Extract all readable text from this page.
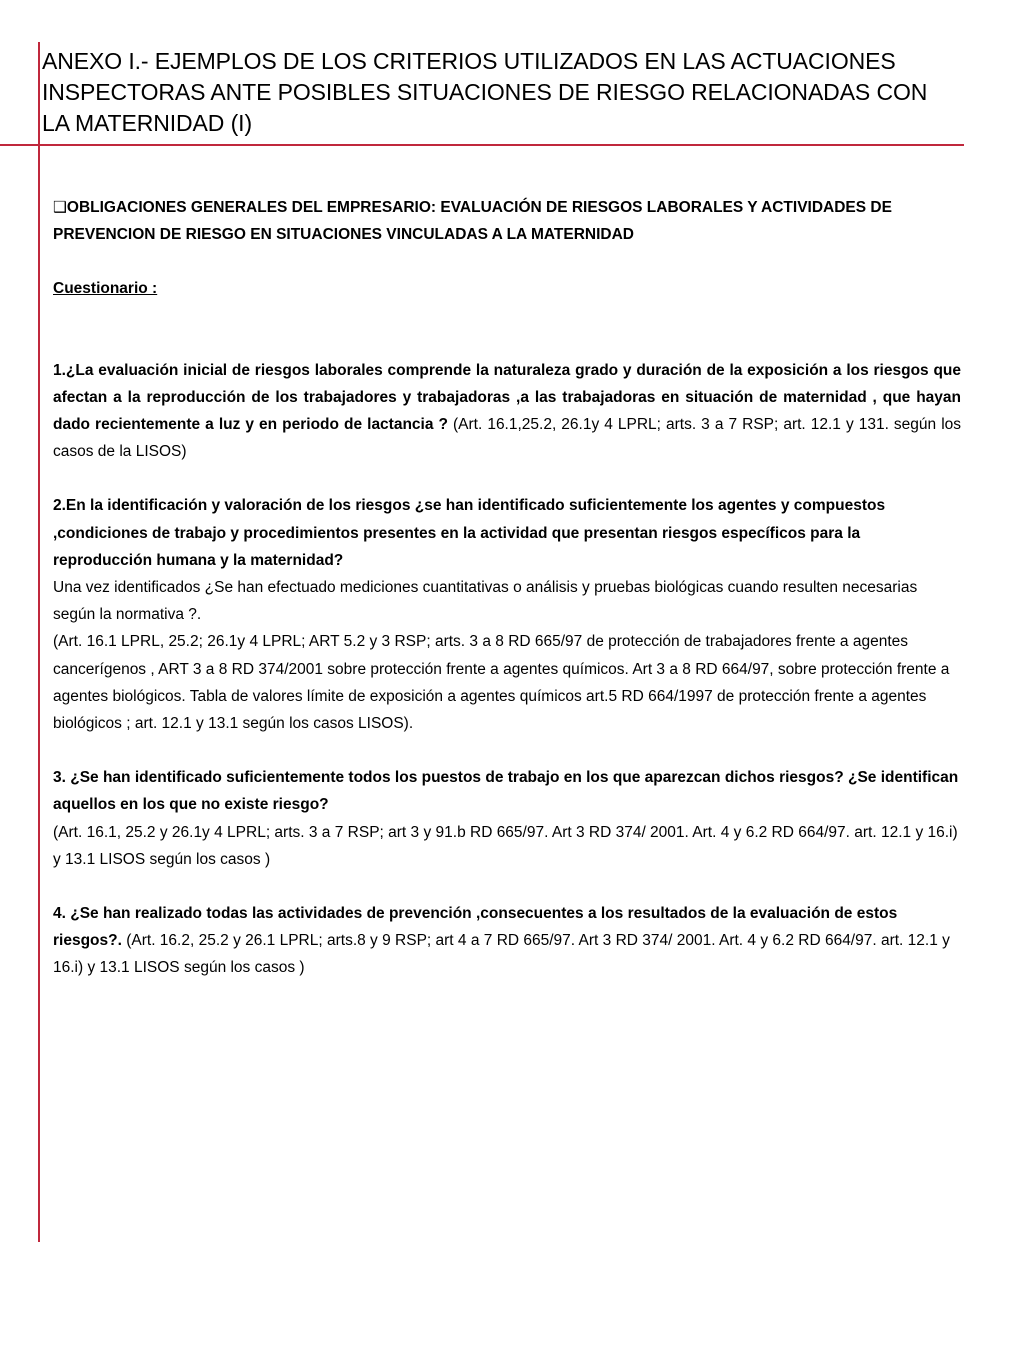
ANEXO I.- EJEMPLOS DE LOS CRITERIOS UTILIZADOS EN LAS ACTUACIONES INSPECTORAS ANTE POSIBLES SITUACIONES DE RIESGO RELACIONADAS CON LA MATERNIDAD (I)

❑OBLIGACIONES GENERALES DEL EMPRESARIO: EVALUACIÓN DE RIESGOS LABORALES Y ACTIVIDADES DE PREVENCION DE RIESGO EN SITUACIONES VINCULADAS A LA MATERNIDAD

Cuestionario :

1.¿La evaluación inicial de riesgos laborales comprende la naturaleza grado y duración de la exposición a los riesgos que afectan a la reproducción de los trabajadores y trabajadoras ,a las trabajadoras en situación de maternidad , que hayan dado recientemente a luz y en periodo de lactancia ? (Art. 16.1,25.2, 26.1y 4 LPRL; arts. 3 a 7 RSP; art. 12.1 y 131. según los casos de la LISOS)

2.En la identificación y valoración de los riesgos ¿se han identificado suficientemente los agentes y compuestos ,condiciones de trabajo y procedimientos presentes en la actividad que presentan riesgos específicos para la reproducción humana y la maternidad?
Una vez identificados ¿Se han efectuado mediciones cuantitativas o análisis y pruebas biológicas cuando resulten necesarias según la normativa ?.
(Art. 16.1 LPRL, 25.2; 26.1y 4 LPRL; ART 5.2 y 3 RSP; arts. 3 a 8 RD 665/97 de protección de trabajadores frente a agentes cancerígenos , ART 3 a 8 RD 374/2001 sobre protección frente a agentes químicos. Art 3 a 8 RD 664/97, sobre protección frente a agentes biológicos. Tabla de valores límite de exposición a agentes químicos art.5 RD 664/1997 de protección frente a agentes biológicos ; art. 12.1 y 13.1 según los casos LISOS).
3. ¿Se han identificado suficientemente todos los puestos de trabajo en los que aparezcan dichos riesgos? ¿Se identifican aquellos en los que no existe riesgo?
(Art. 16.1, 25.2 y 26.1y 4 LPRL; arts. 3 a 7 RSP; art 3 y 91.b RD 665/97. Art 3 RD 374/ 2001. Art. 4 y 6.2 RD 664/97. art. 12.1 y 16.i) y 13.1 LISOS según los casos )

4. ¿Se han realizado todas las actividades de prevención ,consecuentes a los resultados de la evaluación de estos riesgos?. (Art. 16.2, 25.2 y 26.1 LPRL; arts.8 y 9 RSP; art 4 a 7 RD 665/97. Art 3 RD 374/ 2001. Art. 4 y 6.2 RD 664/97. art. 12.1 y 16.i) y 13.1 LISOS según los casos )
